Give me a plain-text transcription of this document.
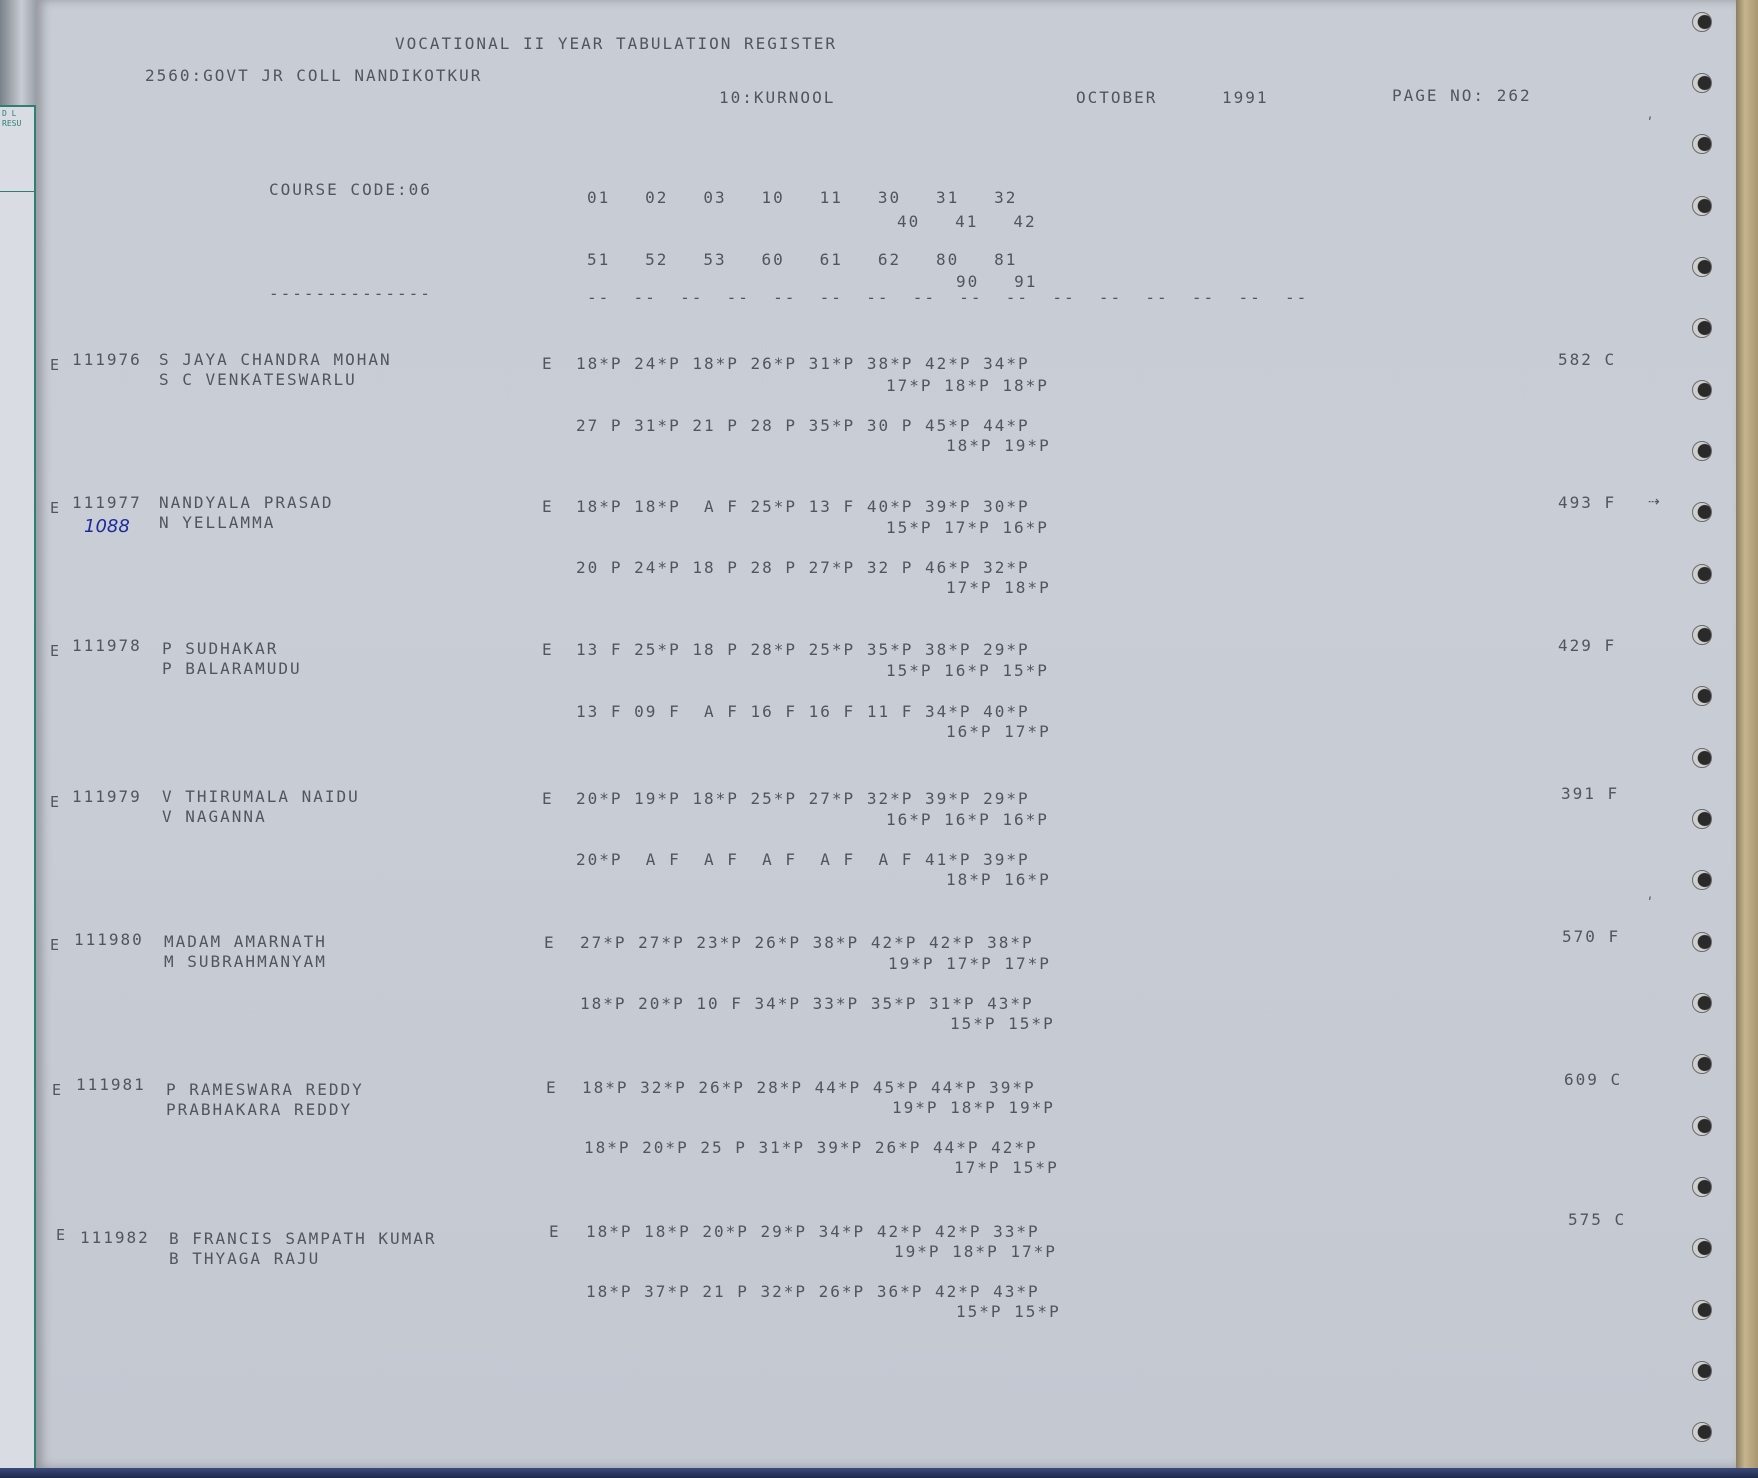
D L RESU
VOCATIONAL II YEAR TABULATION REGISTER
2560:GOVT JR COLL NANDIKOTKUR
10:KURNOOL	OCTOBER	1991	PAGE NO: 262
COURSE CODE:06	01   02   03   10   11   30   31   32
40   41   42
51   52   53   60   61   62   80   81
90   91
--------------	--  --  --  --  --  --  --  --  --  --  --  --  --  --  --  --
E 111976 S JAYA CHANDRA MOHAN
S C VENKATESWARLU
E 18*P 24*P 18*P 26*P 31*P 38*P 42*P 34*P
17*P 18*P 18*P
27 P 31*P 21 P 28 P 35*P 30 P 45*P 44*P
18*P 19*P
582 C
E 111977 NANDYALA PRASAD
N YELLAMMA
1088
E 18*P 18*P  A F 25*P 13 F 40*P 39*P 30*P
15*P 17*P 16*P
20 P 24*P 18 P 28 P 27*P 32 P 46*P 32*P
17*P 18*P
493 F
E 111978 P SUDHAKAR
P BALARAMUDU
E 13 F 25*P 18 P 28*P 25*P 35*P 38*P 29*P
15*P 16*P 15*P
13 F 09 F  A F 16 F 16 F 11 F 34*P 40*P
16*P 17*P
429 F
E 111979 V THIRUMALA NAIDU
V NAGANNA
E 20*P 19*P 18*P 25*P 27*P 32*P 39*P 29*P
16*P 16*P 16*P
20*P  A F  A F  A F  A F  A F 41*P 39*P
18*P 16*P
391 F
E 111980 MADAM AMARNATH
M SUBRAHMANYAM
E 27*P 27*P 23*P 26*P 38*P 42*P 42*P 38*P
19*P 17*P 17*P
18*P 20*P 10 F 34*P 33*P 35*P 31*P 43*P
15*P 15*P
570 F
E 111981 P RAMESWARA REDDY
PRABHAKARA REDDY
E 18*P 32*P 26*P 28*P 44*P 45*P 44*P 39*P
19*P 18*P 19*P
18*P 20*P 25 P 31*P 39*P 26*P 44*P 42*P
17*P 15*P
609 C
E 111982 B FRANCIS SAMPATH KUMAR
B THYAGA RAJU
E 18*P 18*P 20*P 29*P 34*P 42*P 42*P 33*P
19*P 18*P 17*P
18*P 37*P 21 P 32*P 26*P 36*P 42*P 43*P
15*P 15*P
575 C
ʹ
⇢
ʹ
